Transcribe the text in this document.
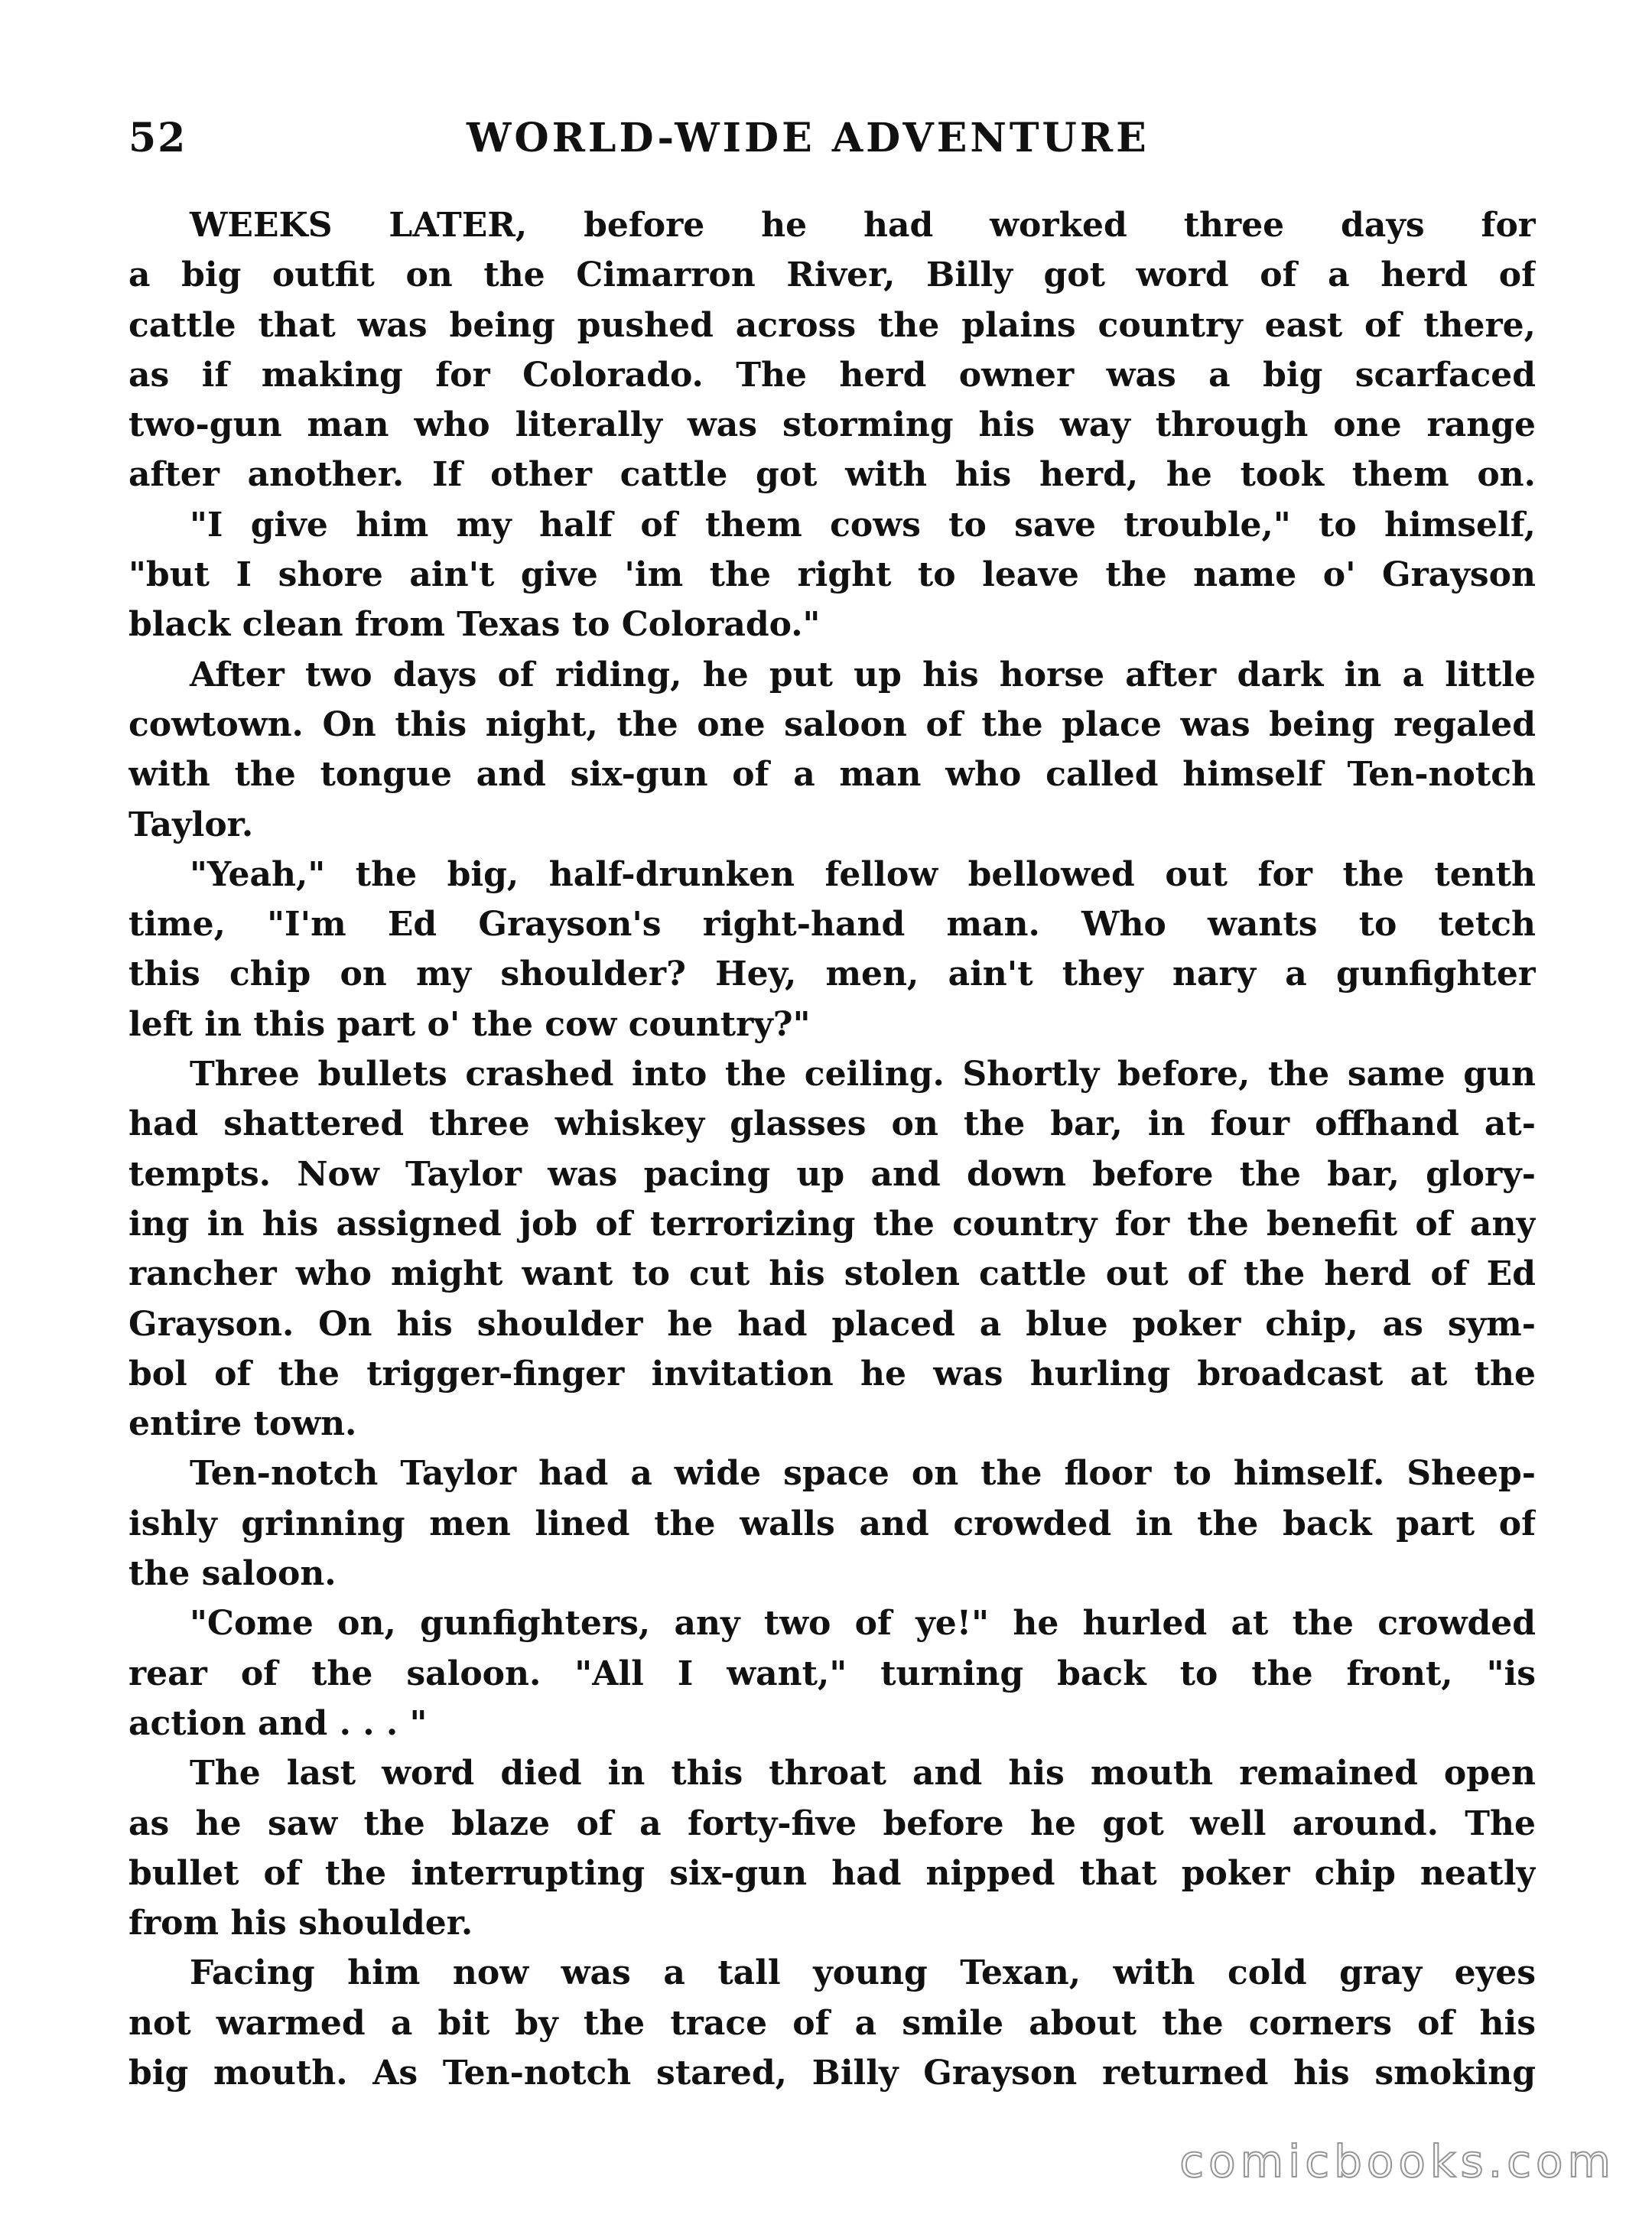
52	WORLD-WIDE ADVENTURE
WEEKS LATER, before he had worked three days for
a big outfit on the Cimarron River, Billy got word of a herd of
cattle that was being pushed across the plains country east of there,
as if making for Colorado. The herd owner was a big scarfaced
two-gun man who literally was storming his way through one range
after another. If other cattle got with his herd, he took them on.
"I give him my half of them cows to save trouble," to himself,
"but I shore ain't give 'im the right to leave the name o' Grayson
black clean from Texas to Colorado."
After two days of riding, he put up his horse after dark in a little
cowtown. On this night, the one saloon of the place was being regaled
with the tongue and six-gun of a man who called himself Ten-notch
Taylor.
"Yeah," the big, half-drunken fellow bellowed out for the tenth
time, "I'm Ed Grayson's right-hand man. Who wants to tetch
this chip on my shoulder? Hey, men, ain't they nary a gunfighter
left in this part o' the cow country?"
Three bullets crashed into the ceiling. Shortly before, the same gun
had shattered three whiskey glasses on the bar, in four offhand at-
tempts. Now Taylor was pacing up and down before the bar, glory-
ing in his assigned job of terrorizing the country for the benefit of any
rancher who might want to cut his stolen cattle out of the herd of Ed
Grayson. On his shoulder he had placed a blue poker chip, as sym-
bol of the trigger-finger invitation he was hurling broadcast at the
entire town.
Ten-notch Taylor had a wide space on the floor to himself. Sheep-
ishly grinning men lined the walls and crowded in the back part of
the saloon.
"Come on, gunfighters, any two of ye!" he hurled at the crowded
rear of the saloon. "All I want," turning back to the front, "is
action and . . . "
The last word died in this throat and his mouth remained open
as he saw the blaze of a forty-five before he got well around. The
bullet of the interrupting six-gun had nipped that poker chip neatly
from his shoulder.
Facing him now was a tall young Texan, with cold gray eyes
not warmed a bit by the trace of a smile about the corners of his
big mouth. As Ten-notch stared, Billy Grayson returned his smoking
comicbooks.com
